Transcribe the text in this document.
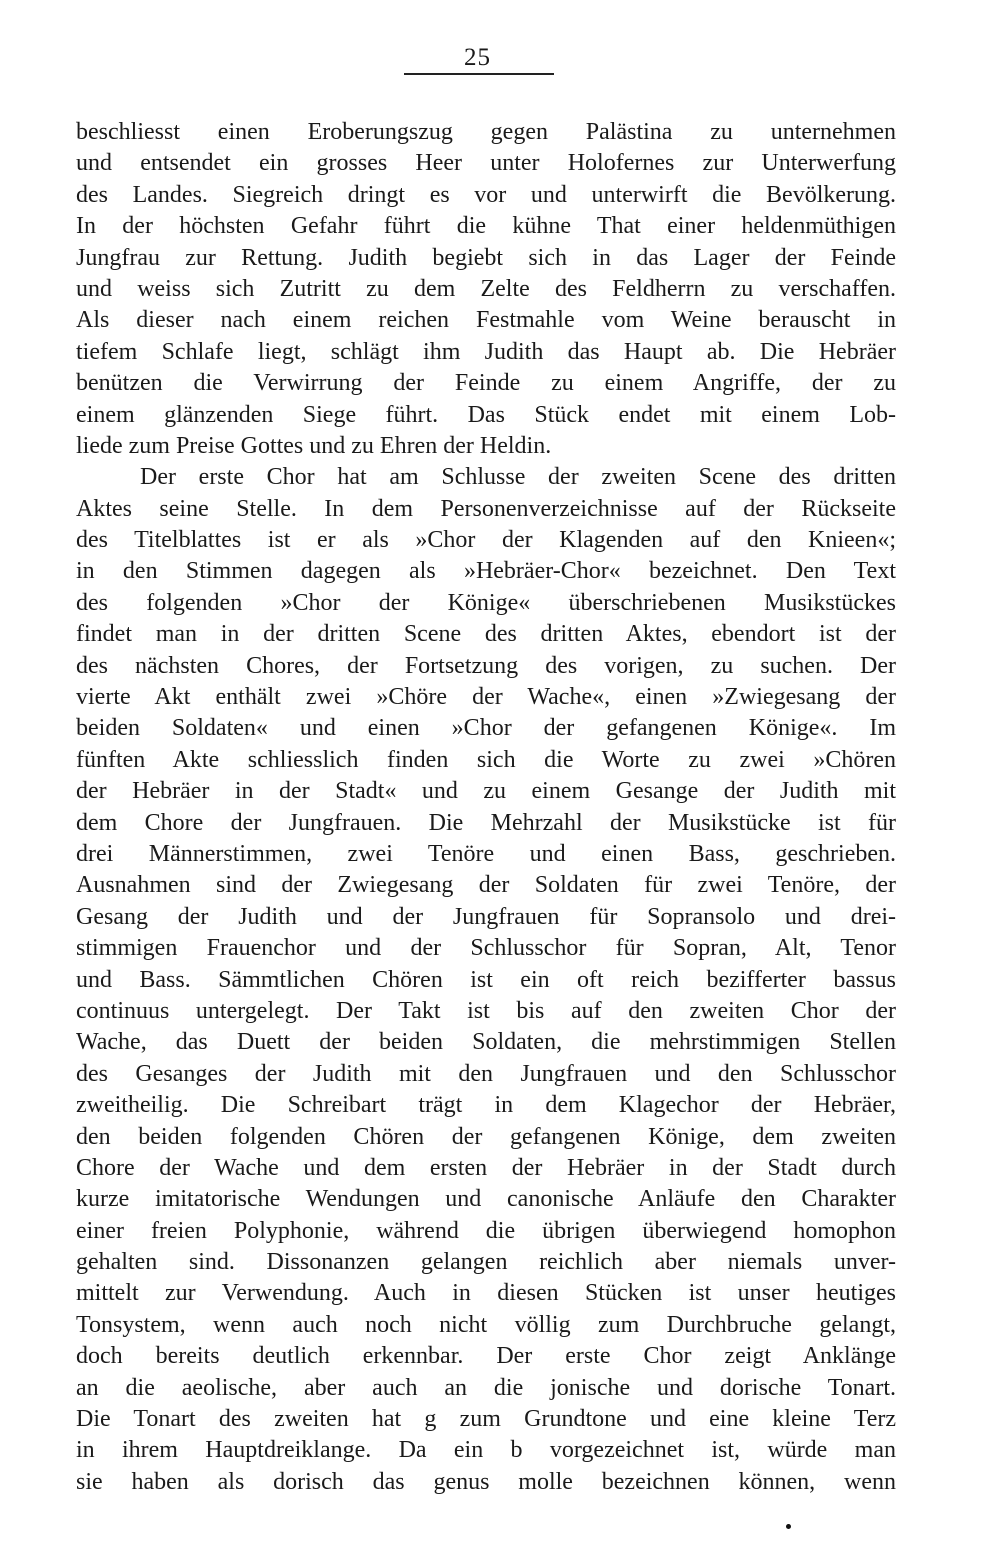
25
beschliesst einen Eroberungszug gegen Palästina zu unternehmen
und entsendet ein grosses Heer unter Holofernes zur Unterwerfung
des Landes. Siegreich dringt es vor und unterwirft die Bevölkerung.
In der höchsten Gefahr führt die kühne That einer heldenmüthigen
Jungfrau zur Rettung. Judith begiebt sich in das Lager der Feinde
und weiss sich Zutritt zu dem Zelte des Feldherrn zu verschaffen.
Als dieser nach einem reichen Festmahle vom Weine berauscht in
tiefem Schlafe liegt, schlägt ihm Judith das Haupt ab. Die Hebräer
benützen die Verwirrung der Feinde zu einem Angriffe, der zu
einem glänzenden Siege führt. Das Stück endet mit einem Lob-
liede zum Preise Gottes und zu Ehren der Heldin.
Der erste Chor hat am Schlusse der zweiten Scene des dritten
Aktes seine Stelle. In dem Personenverzeichnisse auf der Rückseite
des Titelblattes ist er als »Chor der Klagenden auf den Knieen«;
in den Stimmen dagegen als »Hebräer-Chor« bezeichnet. Den Text
des folgenden »Chor der Könige« überschriebenen Musikstückes
findet man in der dritten Scene des dritten Aktes, ebendort ist der
des nächsten Chores, der Fortsetzung des vorigen, zu suchen. Der
vierte Akt enthält zwei »Chöre der Wache«, einen »Zwiegesang der
beiden Soldaten« und einen »Chor der gefangenen Könige«. Im
fünften Akte schliesslich finden sich die Worte zu zwei »Chören
der Hebräer in der Stadt« und zu einem Gesange der Judith mit
dem Chore der Jungfrauen. Die Mehrzahl der Musikstücke ist für
drei Männerstimmen, zwei Tenöre und einen Bass, geschrieben.
Ausnahmen sind der Zwiegesang der Soldaten für zwei Tenöre, der
Gesang der Judith und der Jungfrauen für Sopransolo und drei-
stimmigen Frauenchor und der Schlusschor für Sopran, Alt, Tenor
und Bass. Sämmtlichen Chören ist ein oft reich bezifferter bassus
continuus untergelegt. Der Takt ist bis auf den zweiten Chor der
Wache, das Duett der beiden Soldaten, die mehrstimmigen Stellen
des Gesanges der Judith mit den Jungfrauen und den Schlusschor
zweitheilig. Die Schreibart trägt in dem Klagechor der Hebräer,
den beiden folgenden Chören der gefangenen Könige, dem zweiten
Chore der Wache und dem ersten der Hebräer in der Stadt durch
kurze imitatorische Wendungen und canonische Anläufe den Charakter
einer freien Polyphonie, während die übrigen überwiegend homophon
gehalten sind. Dissonanzen gelangen reichlich aber niemals unver-
mittelt zur Verwendung. Auch in diesen Stücken ist unser heutiges
Tonsystem, wenn auch noch nicht völlig zum Durchbruche gelangt,
doch bereits deutlich erkennbar. Der erste Chor zeigt Anklänge
an die aeolische, aber auch an die jonische und dorische Tonart.
Die Tonart des zweiten hat g zum Grundtone und eine kleine Terz
in ihrem Hauptdreiklange. Da ein b vorgezeichnet ist, würde man
sie haben als dorisch das genus molle bezeichnen können, wenn
